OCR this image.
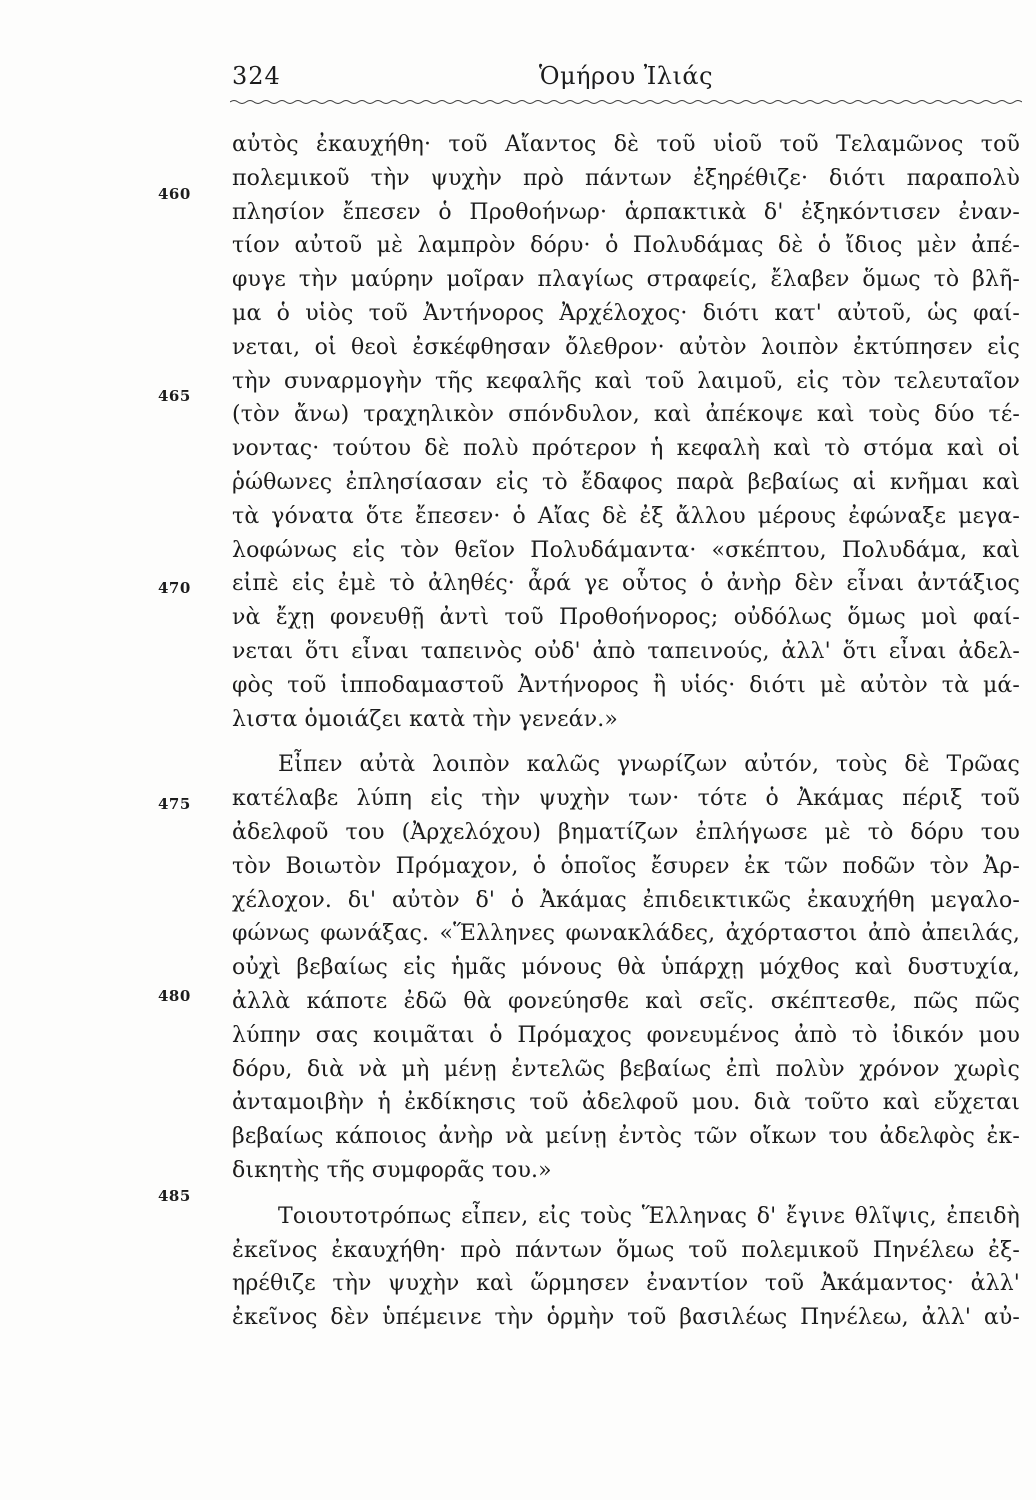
324	Ὁμήρου Ἰλιάς
460
465
470
475
480
485
αὐτὸς ἐκαυχήθη· τοῦ Αἴαντος δὲ τοῦ υἱοῦ τοῦ Τελαμῶνος τοῦ
πολεμικοῦ τὴν ψυχὴν πρὸ πάντων ἐξηρέθιζε· διότι παραπολὺ
πλησίον ἔπεσεν ὁ Προθοήνωρ· ἁρπακτικὰ δ' ἐξηκόντισεν ἐναν-
τίον αὐτοῦ μὲ λαμπρὸν δόρυ· ὁ Πολυδάμας δὲ ὁ ἴδιος μὲν ἀπέ-
φυγε τὴν μαύρην μοῖραν πλαγίως στραφείς, ἔλαβεν ὅμως τὸ βλῆ-
μα ὁ υἱὸς τοῦ Ἀντήνορος Ἀρχέλοχος· διότι κατ' αὐτοῦ, ὡς φαί-
νεται, οἱ θεοὶ ἐσκέφθησαν ὄλεθρον· αὐτὸν λοιπὸν ἐκτύπησεν εἰς
τὴν συναρμογὴν τῆς κεφαλῆς καὶ τοῦ λαιμοῦ, εἰς τὸν τελευταῖον
(τὸν ἄνω) τραχηλικὸν σπόνδυλον, καὶ ἀπέκοψε καὶ τοὺς δύο τέ-
νοντας· τούτου δὲ πολὺ πρότερον ἡ κεφαλὴ καὶ τὸ στόμα καὶ οἱ
ῥώθωνες ἐπλησίασαν εἰς τὸ ἔδαφος παρὰ βεβαίως αἱ κνῆμαι καὶ
τὰ γόνατα ὅτε ἔπεσεν· ὁ Αἴας δὲ ἐξ ἄλλου μέρους ἐφώναξε μεγα-
λοφώνως εἰς τὸν θεῖον Πολυδάμαντα· «σκέπτου, Πολυδάμα, καὶ
εἰπὲ εἰς ἐμὲ τὸ ἀληθές· ἆρά γε οὗτος ὁ ἀνὴρ δὲν εἶναι ἀντάξιος
νὰ ἔχῃ φονευθῇ ἀντὶ τοῦ Προθοήνορος; οὐδόλως ὅμως μοὶ φαί-
νεται ὅτι εἶναι ταπεινὸς οὐδ' ἀπὸ ταπεινούς, ἀλλ' ὅτι εἶναι ἀδελ-
φὸς τοῦ ἱπποδαμαστοῦ Ἀντήνορος ἢ υἱός· διότι μὲ αὐτὸν τὰ μά-
λιστα ὁμοιάζει κατὰ τὴν γενεάν.»
Εἶπεν αὐτὰ λοιπὸν καλῶς γνωρίζων αὐτόν, τοὺς δὲ Τρῶας
κατέλαβε λύπη εἰς τὴν ψυχὴν των· τότε ὁ Ἀκάμας πέριξ τοῦ
ἀδελφοῦ του (Ἀρχελόχου) βηματίζων ἐπλήγωσε μὲ τὸ δόρυ του
τὸν Βοιωτὸν Πρόμαχον, ὁ ὁποῖος ἔσυρεν ἐκ τῶν ποδῶν τὸν Ἀρ-
χέλοχον. δι' αὐτὸν δ' ὁ Ἀκάμας ἐπιδεικτικῶς ἐκαυχήθη μεγαλο-
φώνως φωνάξας. «Ἕλληνες φωνακλάδες, ἀχόρταστοι ἀπὸ ἀπειλάς,
οὐχὶ βεβαίως εἰς ἡμᾶς μόνους θὰ ὑπάρχῃ μόχθος καὶ δυστυχία,
ἀλλὰ κάποτε ἐδῶ θὰ φονεύησθε καὶ σεῖς. σκέπτεσθε, πῶς πῶς
λύπην σας κοιμᾶται ὁ Πρόμαχος φονευμένος ἀπὸ τὸ ἰδικόν μου
δόρυ, διὰ νὰ μὴ μένῃ ἐντελῶς βεβαίως ἐπὶ πολὺν χρόνον χωρὶς
ἀνταμοιβὴν ἡ ἐκδίκησις τοῦ ἀδελφοῦ μου. διὰ τοῦτο καὶ εὔχεται
βεβαίως κάποιος ἀνὴρ νὰ μείνῃ ἐντὸς τῶν οἴκων του ἀδελφὸς ἐκ-
δικητὴς τῆς συμφορᾶς του.»
Τοιουτοτρόπως εἶπεν, εἰς τοὺς Ἕλληνας δ' ἔγινε θλῖψις, ἐπειδὴ
ἐκεῖνος ἐκαυχήθη· πρὸ πάντων ὅμως τοῦ πολεμικοῦ Πηνέλεω ἐξ-
ηρέθιζε τὴν ψυχὴν καὶ ὥρμησεν ἐναντίον τοῦ Ἀκάμαντος· ἀλλ'
ἐκεῖνος δὲν ὑπέμεινε τὴν ὁρμὴν τοῦ βασιλέως Πηνέλεω, ἀλλ' αὐ-
